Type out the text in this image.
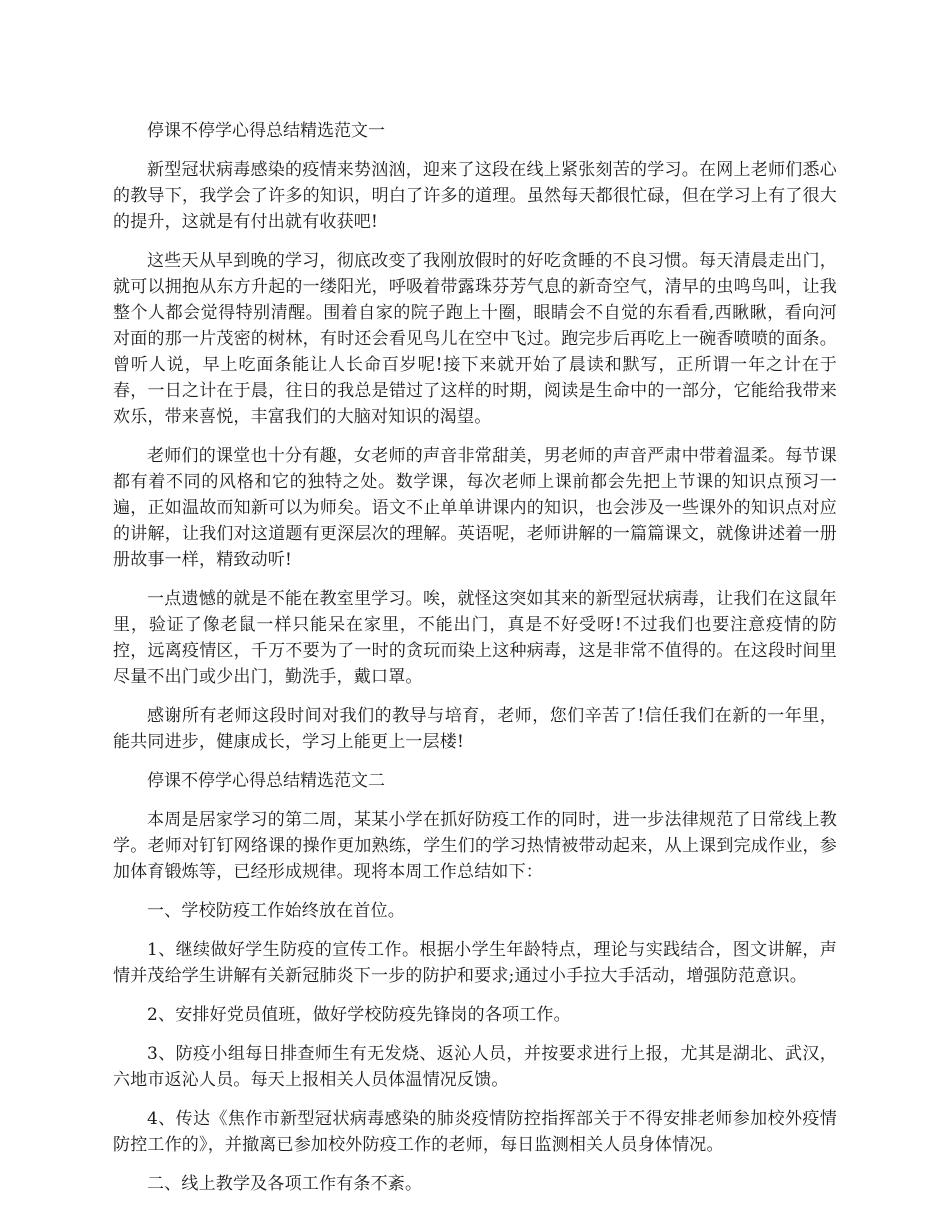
停课不停学心得总结精选范文一

新型冠状病毒感染的疫情来势汹汹，迎来了这段在线上紧张刻苦的学习。在网上老师们悉心的教导下，我学会了许多的知识，明白了许多的道理。虽然每天都很忙碌，但在学习上有了很大的提升，这就是有付出就有收获吧!

这些天从早到晚的学习，彻底改变了我刚放假时的好吃贪睡的不良习惯。每天清晨走出门，就可以拥抱从东方升起的一缕阳光，呼吸着带露珠芬芳气息的新奇空气，清早的虫鸣鸟叫，让我整个人都会觉得特别清醒。围着自家的院子跑上十圈，眼睛会不自觉的东看看,西瞅瞅，看向河对面的那一片茂密的树林，有时还会看见鸟儿在空中飞过。跑完步后再吃上一碗香喷喷的面条。曾听人说，早上吃面条能让人长命百岁呢!接下来就开始了晨读和默写，正所谓一年之计在于春，一日之计在于晨，往日的我总是错过了这样的时期，阅读是生命中的一部分，它能给我带来欢乐，带来喜悦，丰富我们的大脑对知识的渴望。

老师们的课堂也十分有趣，女老师的声音非常甜美，男老师的声音严肃中带着温柔。每节课都有着不同的风格和它的独特之处。数学课，每次老师上课前都会先把上节课的知识点预习一遍，正如温故而知新可以为师矣。语文不止单单讲课内的知识，也会涉及一些课外的知识点对应的讲解，让我们对这道题有更深层次的理解。英语呢，老师讲解的一篇篇课文，就像讲述着一册册故事一样，精致动听!

一点遗憾的就是不能在教室里学习。唉，就怪这突如其来的新型冠状病毒，让我们在这鼠年里，验证了像老鼠一样只能呆在家里，不能出门，真是不好受呀!不过我们也要注意疫情的防控，远离疫情区，千万不要为了一时的贪玩而染上这种病毒，这是非常不值得的。在这段时间里尽量不出门或少出门，勤洗手，戴口罩。

感谢所有老师这段时间对我们的教导与培育，老师，您们辛苦了!信任我们在新的一年里，能共同进步，健康成长，学习上能更上一层楼!

停课不停学心得总结精选范文二

本周是居家学习的第二周，某某小学在抓好防疫工作的同时，进一步法律规范了日常线上教学。老师对钉钉网络课的操作更加熟练，学生们的学习热情被带动起来，从上课到完成作业，参加体育锻炼等，已经形成规律。现将本周工作总结如下：

一、学校防疫工作始终放在首位。

1、继续做好学生防疫的宣传工作。根据小学生年龄特点，理论与实践结合，图文讲解，声情并茂给学生讲解有关新冠肺炎下一步的防护和要求;通过小手拉大手活动，增强防范意识。

2、安排好党员值班，做好学校防疫先锋岗的各项工作。

3、防疫小组每日排查师生有无发烧、返沁人员，并按要求进行上报，尤其是湖北、武汉，六地市返沁人员。每天上报相关人员体温情况反馈。

4、传达《焦作市新型冠状病毒感染的肺炎疫情防控指挥部关于不得安排老师参加校外疫情防控工作的》，并撤离已参加校外防疫工作的老师，每日监测相关人员身体情况。

二、线上教学及各项工作有条不紊。
